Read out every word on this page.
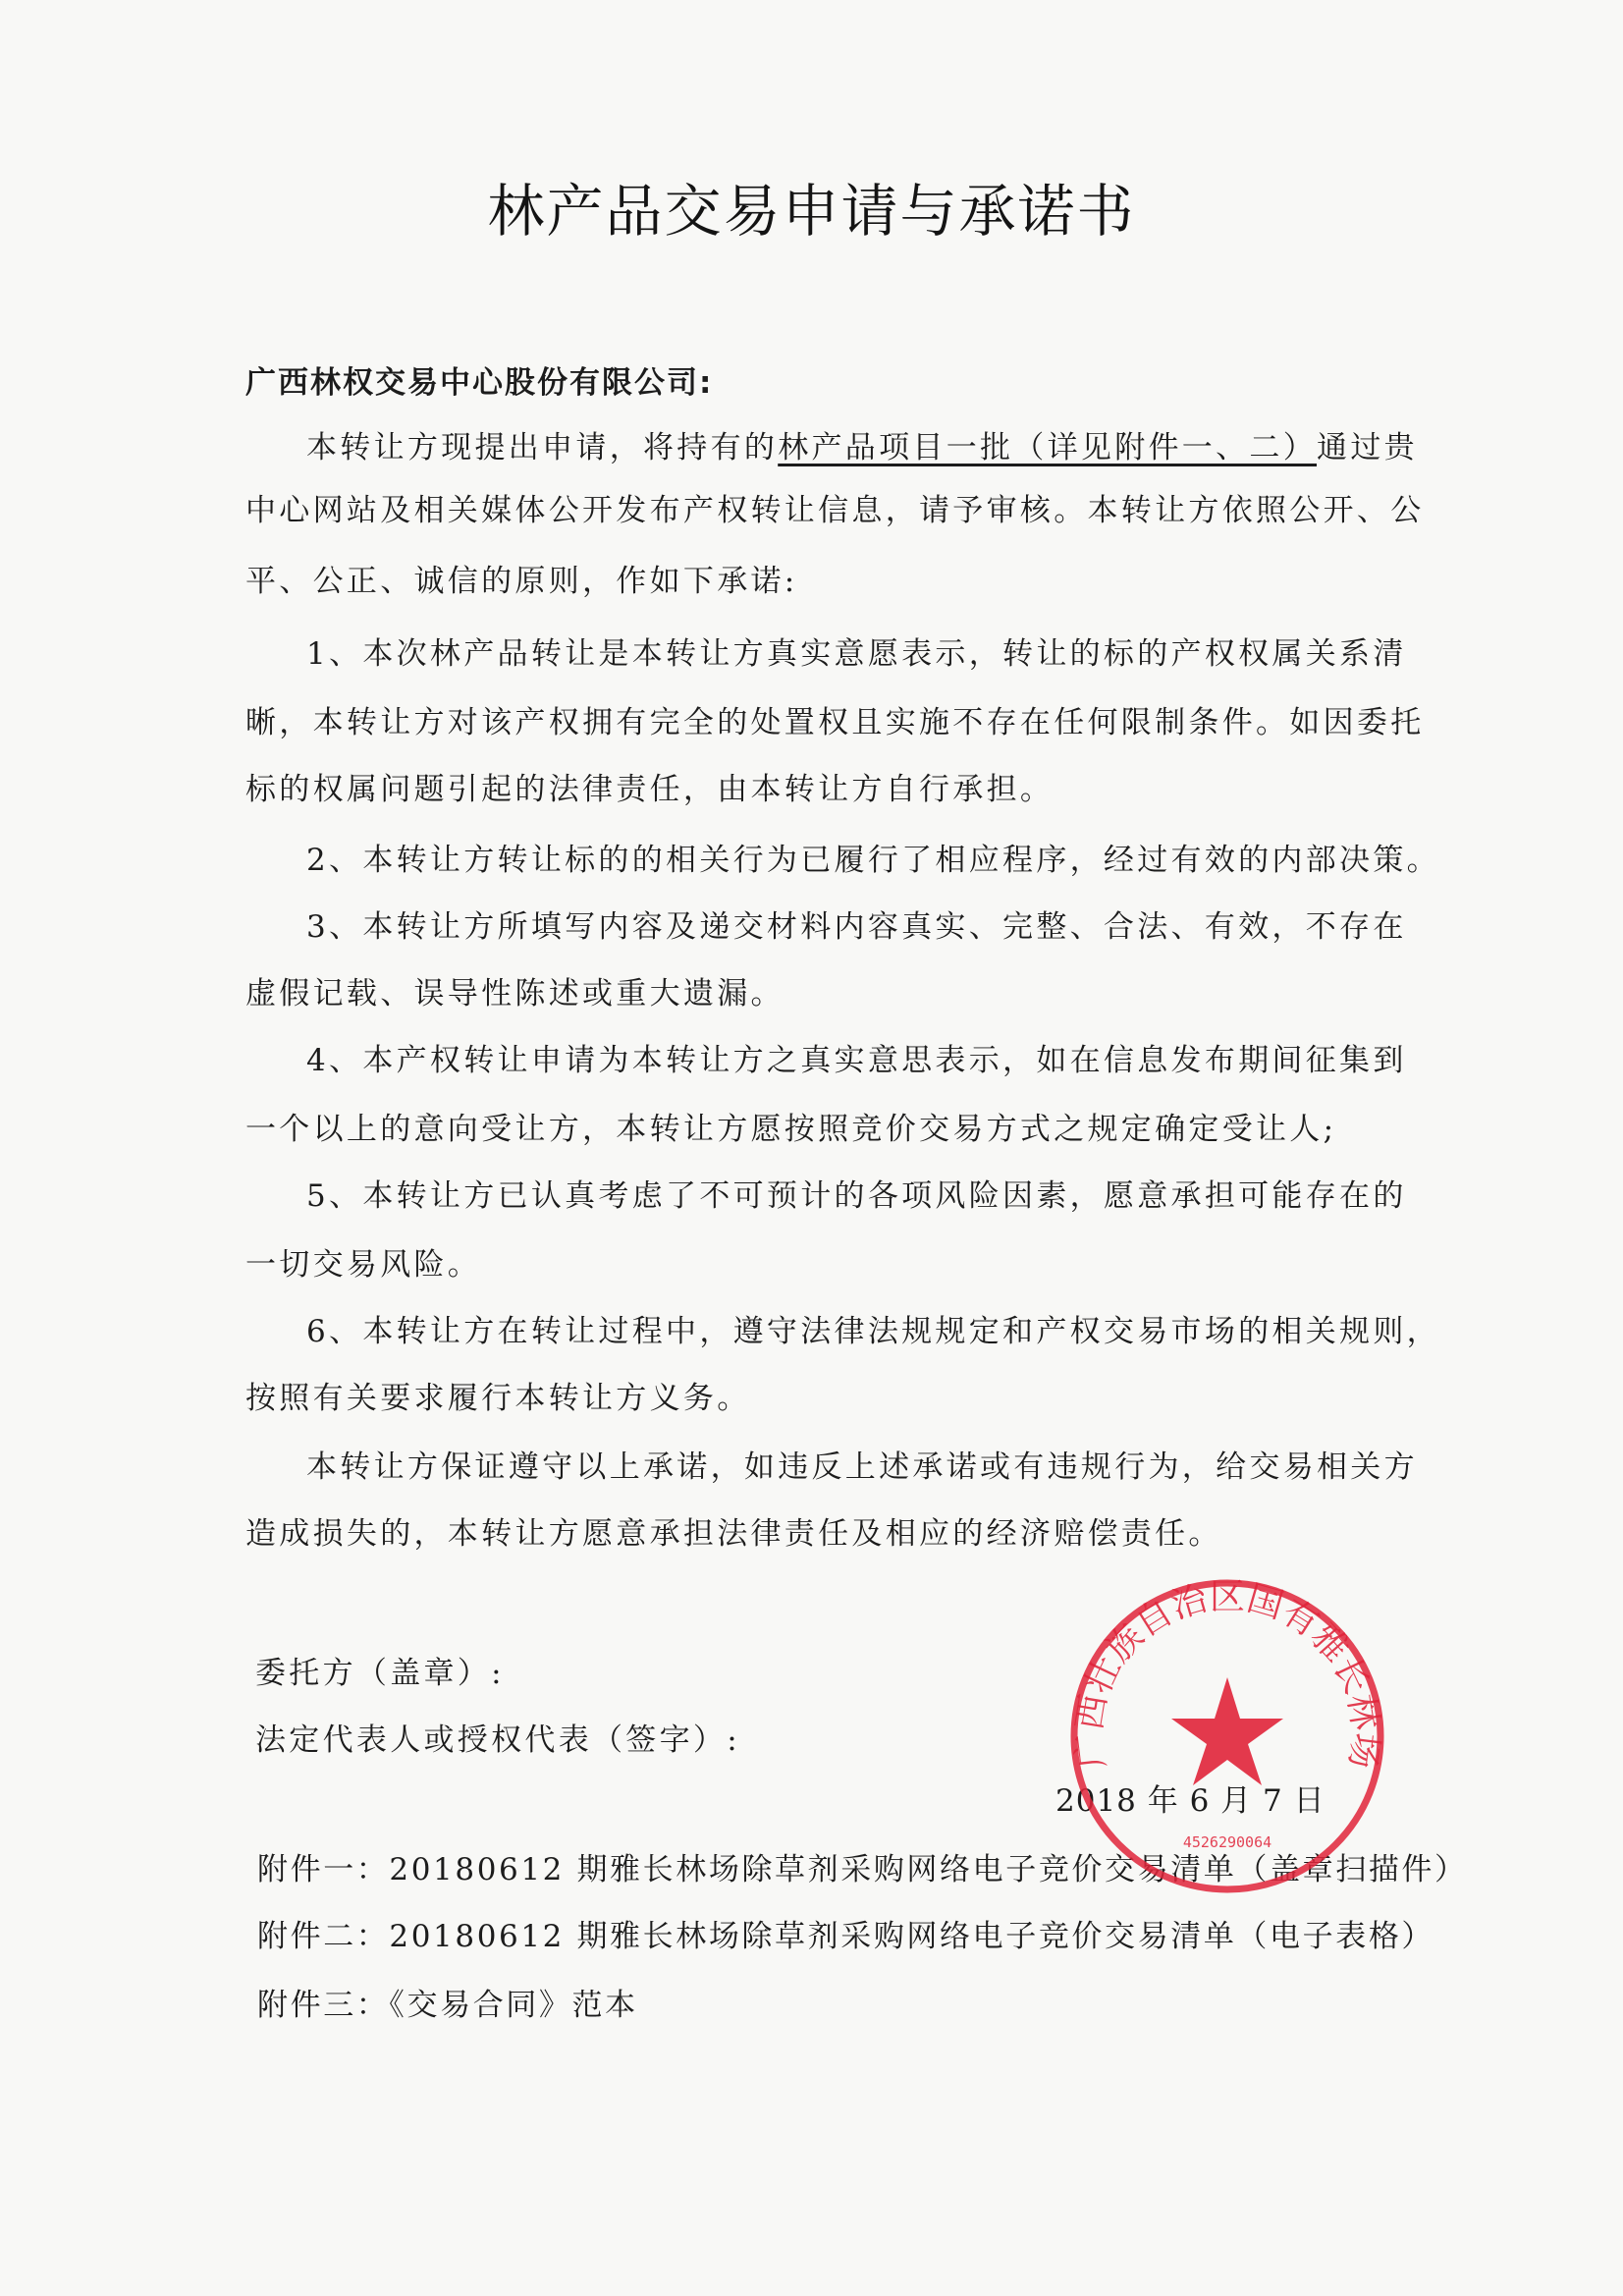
林产品交易申请与承诺书
广西林权交易中心股份有限公司:
本转让方现提出申请，将持有的林产品项目一批（详见附件一、二）通过贵
中心网站及相关媒体公开发布产权转让信息，请予审核。本转让方依照公开、公
平、公正、诚信的原则，作如下承诺:
1、本次林产品转让是本转让方真实意愿表示，转让的标的产权权属关系清
晰，本转让方对该产权拥有完全的处置权且实施不存在任何限制条件。如因委托
标的权属问题引起的法律责任，由本转让方自行承担。
2、本转让方转让标的的相关行为已履行了相应程序，经过有效的内部决策。
3、本转让方所填写内容及递交材料内容真实、完整、合法、有效，不存在
虚假记载、误导性陈述或重大遗漏。
4、本产权转让申请为本转让方之真实意思表示，如在信息发布期间征集到
一个以上的意向受让方，本转让方愿按照竞价交易方式之规定确定受让人;
5、本转让方已认真考虑了不可预计的各项风险因素，愿意承担可能存在的
一切交易风险。
6、本转让方在转让过程中，遵守法律法规规定和产权交易市场的相关规则，
按照有关要求履行本转让方义务。
本转让方保证遵守以上承诺，如违反上述承诺或有违规行为，给交易相关方
造成损失的，本转让方愿意承担法律责任及相应的经济赔偿责任。
委托方（盖章）:
法定代表人或授权代表（签字）:
2018 年 6 月 7 日
附件一：20180612 期雅长林场除草剂采购网络电子竞价交易清单（盖章扫描件）
附件二：20180612 期雅长林场除草剂采购网络电子竞价交易清单（电子表格）
附件三：《交易合同》范本
广西壮族自治区国有雅长林场
4526290064
